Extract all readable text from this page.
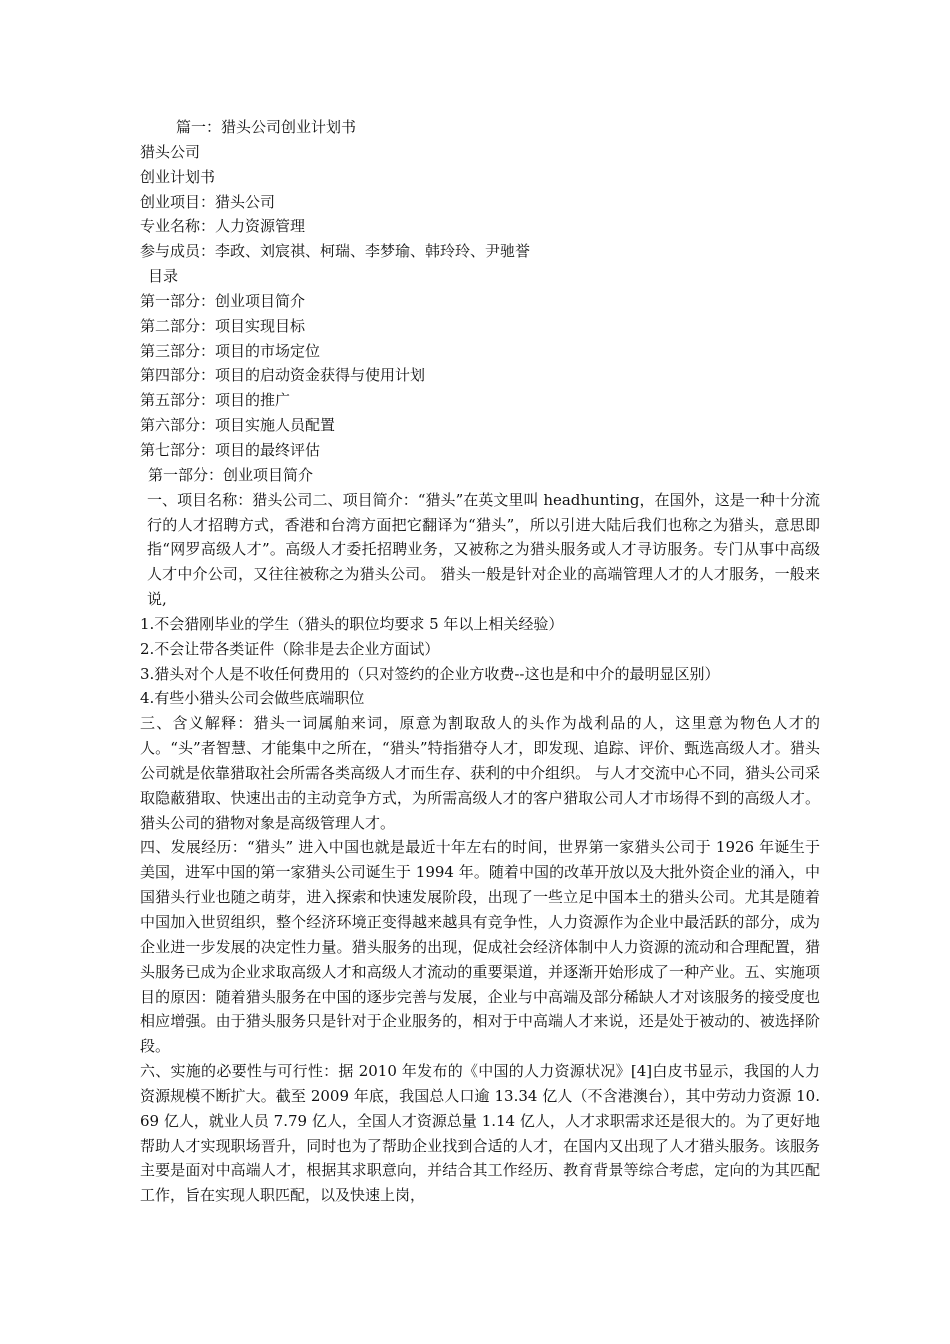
篇一：猎头公司创业计划书
猎头公司
创业计划书
创业项目：猎头公司
专业名称：人力资源管理
参与成员：李政、刘宸祺、柯瑞、李梦瑜、韩玲玲、尹驰誉
目录
第一部分：创业项目简介
第二部分：项目实现目标
第三部分：项目的市场定位
第四部分：项目的启动资金获得与使用计划
第五部分：项目的推广
第六部分：项目实施人员配置
第七部分：项目的最终评估
第一部分：创业项目简介

一、项目名称：猎头公司二、项目简介：“猎头”在英文里叫 headhunting，在国外，这是一种十分流行的人才招聘方式，香港和台湾方面把它翻译为“猎头”，所以引进大陆后我们也称之为猎头，意思即指“网罗高级人才”。高级人才委托招聘业务，又被称之为猎头服务或人才寻访服务。专门从事中高级人才中介公司，又往往被称之为猎头公司。 猎头一般是针对企业的高端管理人才的人才服务，一般来说,

1.不会猎刚毕业的学生（猎头的职位均要求 5 年以上相关经验）
2.不会让带各类证件（除非是去企业方面试）
3.猎头对个人是不收任何费用的（只对签约的企业方收费--这也是和中介的最明显区别）
4.有些小猎头公司会做些底端职位

三、含义解释：猎头一词属舶来词，原意为割取敌人的头作为战利品的人，这里意为物色人才的人。“头”者智慧、才能集中之所在，“猎头”特指猎夺人才，即发现、追踪、评价、甄选高级人才。猎头公司就是依靠猎取社会所需各类高级人才而生存、获利的中介组织。 与人才交流中心不同，猎头公司采取隐蔽猎取、快速出击的主动竞争方式，为所需高级人才的客户猎取公司人才市场得不到的高级人才。猎头公司的猎物对象是高级管理人才。

四、发展经历：“猎头” 进入中国也就是最近十年左右的时间，世界第一家猎头公司于 1926 年诞生于美国，进军中国的第一家猎头公司诞生于 1994 年。随着中国的改革开放以及大批外资企业的涌入，中国猎头行业也随之萌芽，进入探索和快速发展阶段，出现了一些立足中国本土的猎头公司。尤其是随着中国加入世贸组织，整个经济环境正变得越来越具有竞争性，人力资源作为企业中最活跃的部分，成为企业进一步发展的决定性力量。猎头服务的出现，促成社会经济体制中人力资源的流动和合理配置，猎头服务已成为企业求取高级人才和高级人才流动的重要渠道，并逐渐开始形成了一种产业。五、实施项目的原因：随着猎头服务在中国的逐步完善与发展，企业与中高端及部分稀缺人才对该服务的接受度也相应增强。由于猎头服务只是针对于企业服务的，相对于中高端人才来说，还是处于被动的、被选择阶段。

六、实施的必要性与可行性：据 2010 年发布的《中国的人力资源状况》[4]白皮书显示，我国的人力资源规模不断扩大。截至 2009 年底，我国总人口逾 13.34 亿人（不含港澳台），其中劳动力资源 10.69 亿人，就业人员 7.79 亿人，全国人才资源总量 1.14 亿人，人才求职需求还是很大的。为了更好地帮助人才实现职场晋升，同时也为了帮助企业找到合适的人才，在国内又出现了人才猎头服务。该服务主要是面对中高端人才，根据其求职意向，并结合其工作经历、教育背景等综合考虑，定向的为其匹配工作，旨在实现人职匹配，以及快速上岗，
